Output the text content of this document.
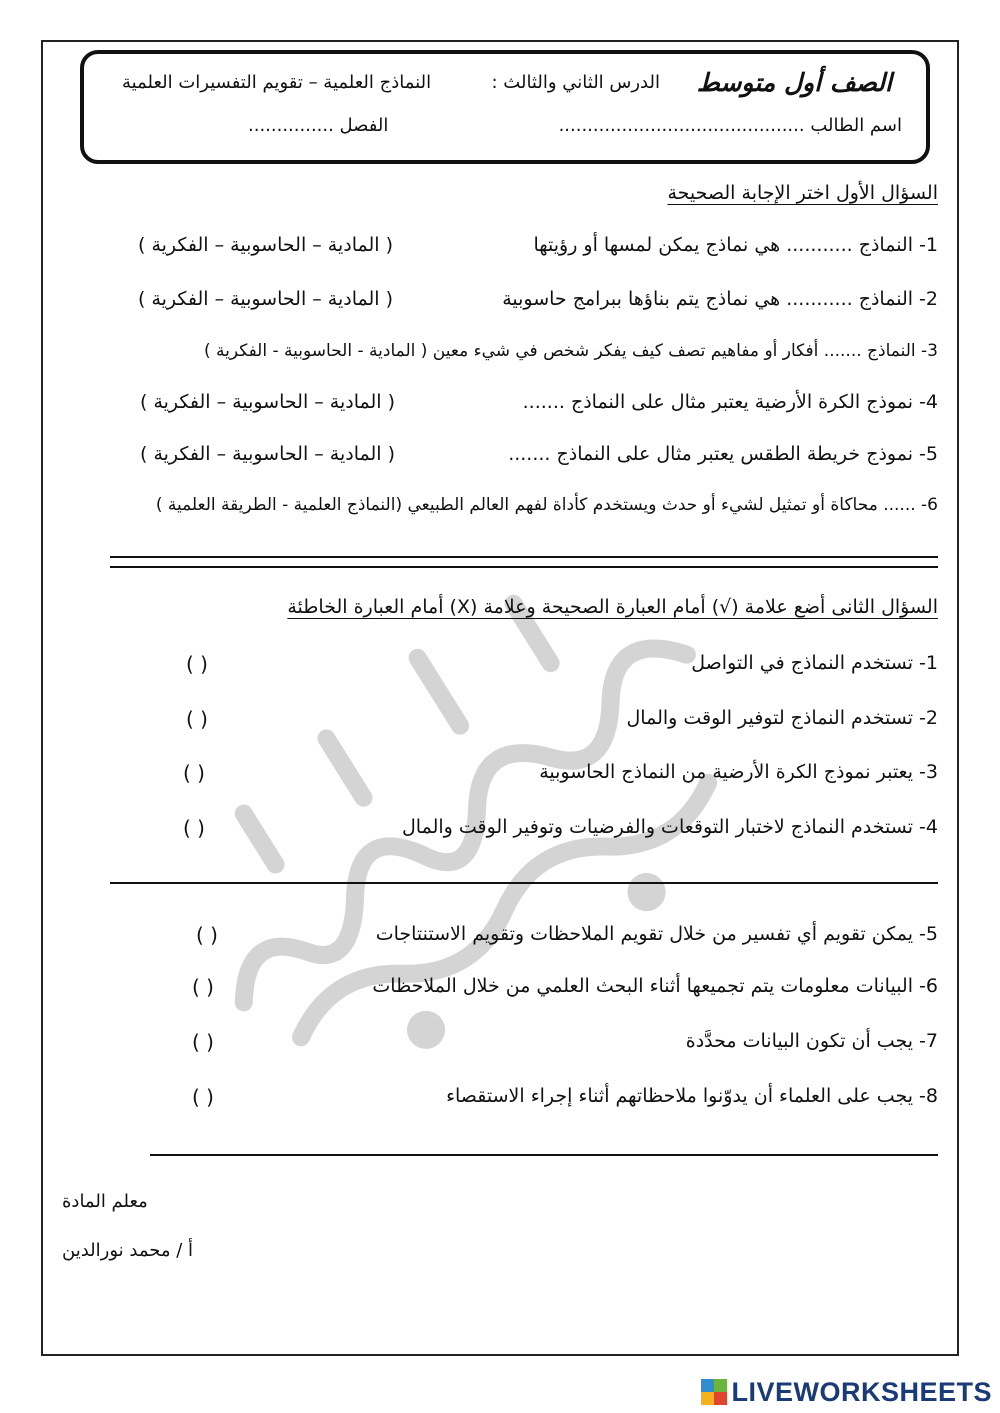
مدارس المنار الأهلية
الصف أول متوسط
الدرس الثاني والثالث :
النماذج العلمية – تقويم التفسيرات العلمية
اسم الطالب ...........................................
الفصل ...............
السؤال الأول اختر الإجابة الصحيحة
1- النماذج ........... هي نماذج يمكن لمسها أو رؤيتها
( المادية – الحاسوبية – الفكرية )
2- النماذج ........... هي نماذج يتم بناؤها ببرامج حاسوبية
( المادية – الحاسوبية – الفكرية )
3- النماذج ....... أفكار أو مفاهيم تصف كيف يفكر شخص في شيء معين ( المادية - الحاسوبية - الفكرية )
4- نموذج الكرة الأرضية يعتبر مثال على النماذج .......
( المادية – الحاسوبية – الفكرية )
5- نموذج خريطة الطقس يعتبر مثال على النماذج .......
( المادية – الحاسوبية – الفكرية )
6- ...... محاكاة أو تمثيل لشيء أو حدث ويستخدم كأداة لفهم العالم الطبيعي (النماذج العلمية - الطريقة العلمية )
السؤال الثانى أضع علامة (√) أمام العبارة الصحيحة وعلامة (X) أمام العبارة الخاطئة
1- تستخدم النماذج في التواصل
( )
2- تستخدم النماذج لتوفير الوقت والمال
( )
3- يعتبر نموذج الكرة الأرضية من النماذج الحاسوبية
( )
4- تستخدم النماذج لاختبار التوقعات والفرضيات وتوفير الوقت والمال
( )
5- يمكن تقويم أي تفسير من خلال تقويم الملاحظات وتقويم الاستنتاجات
( )
6- البيانات معلومات يتم تجميعها أثناء البحث العلمي من خلال الملاحظات
( )
7- يجب أن تكون البيانات محدَّدة
( )
8- يجب على العلماء أن يدوّنوا ملاحظاتهم أثناء إجراء الاستقصاء
( )
معلم المادة
أ / محمد نورالدين
LIVEWORKSHEETS
